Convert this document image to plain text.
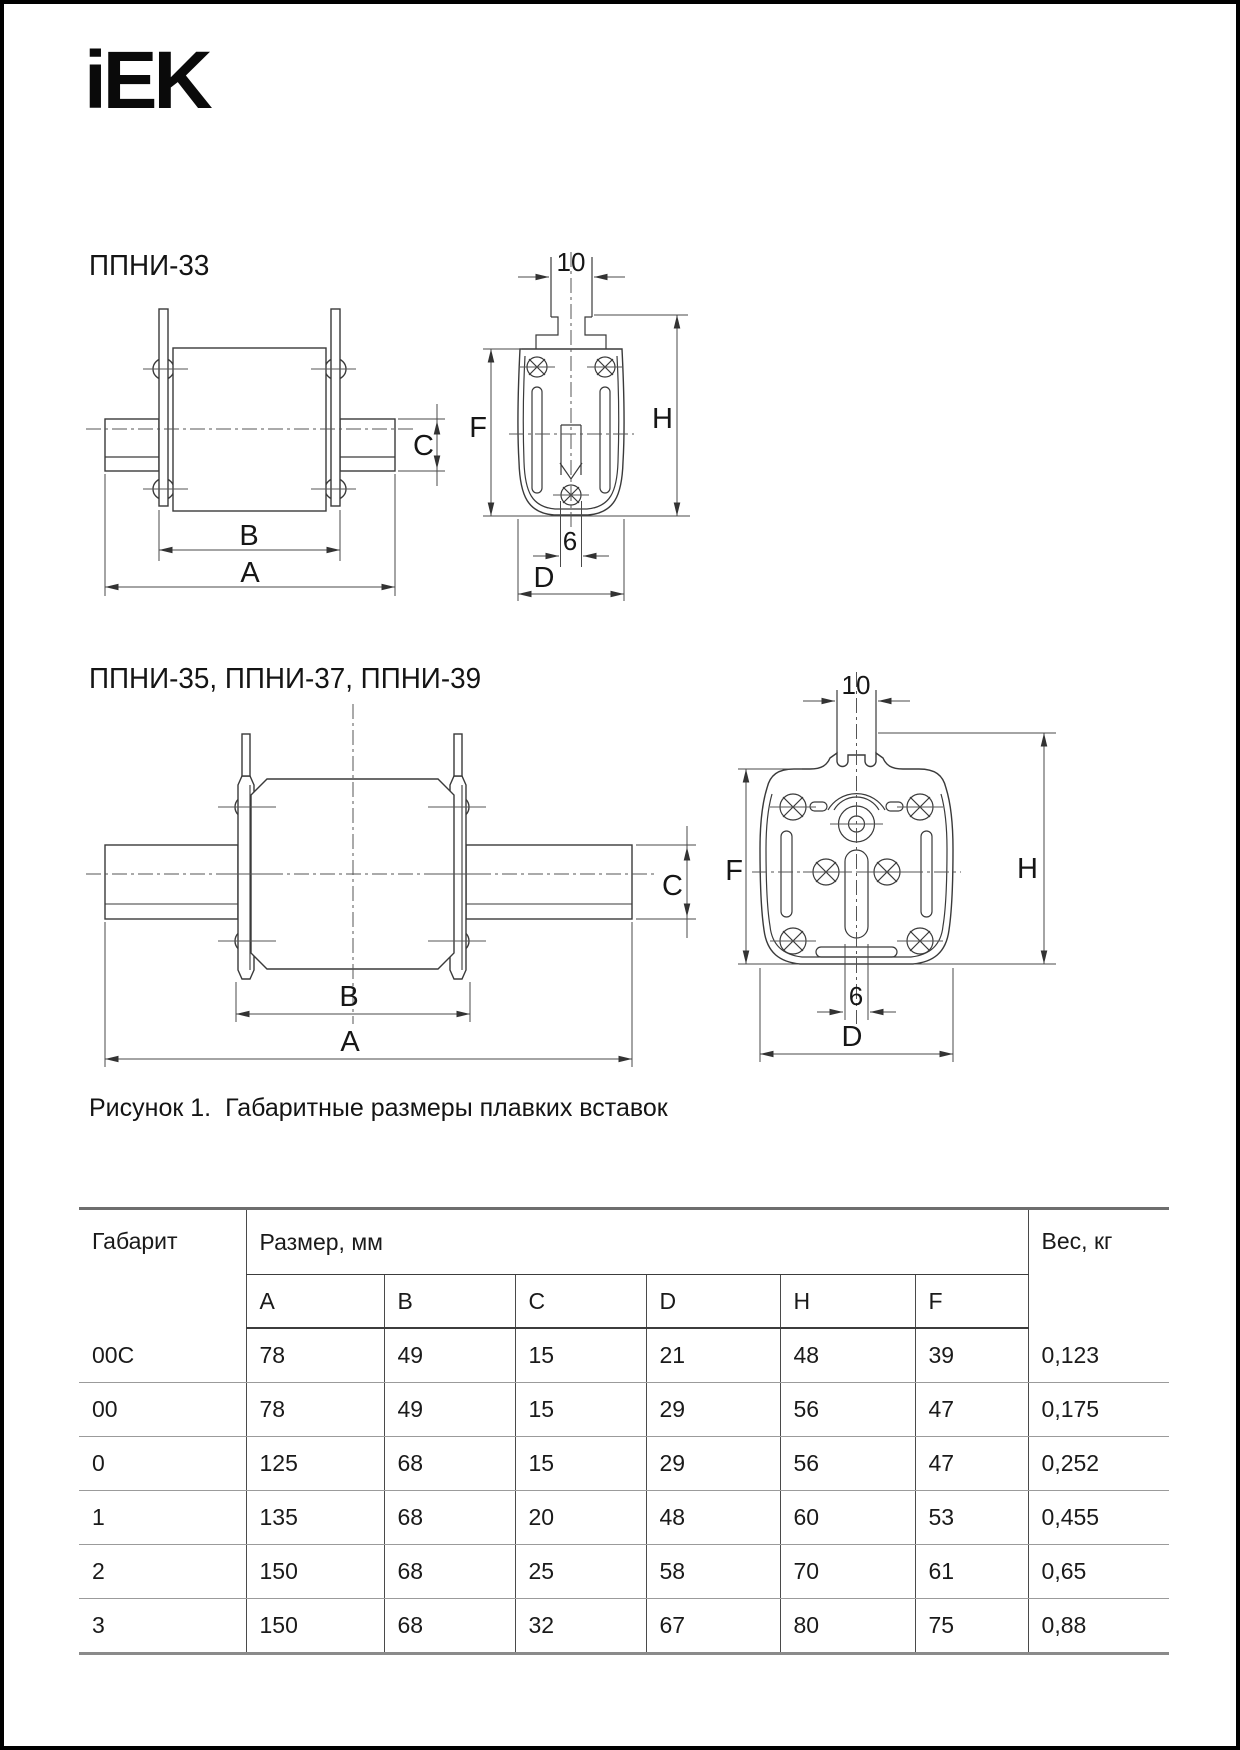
iEK
ППНИ-33	10
C
B
A
F	H
6
D
ППНИ-35, ППНИ-37, ППНИ-39	10
C
B
A
F	H
6
D
Рисунок 1. Габаритные размеры плавких вставок
Габарит	Размер, мм						Вес, кг
	A	B	C	D	H	F	
00C	78	49	15	21	48	39	0,123
00	78	49	15	29	56	47	0,175
0	125	68	15	29	56	47	0,252
1	135	68	20	48	60	53	0,455
2	150	68	25	58	70	61	0,65
3	150	68	32	67	80	75	0,88
